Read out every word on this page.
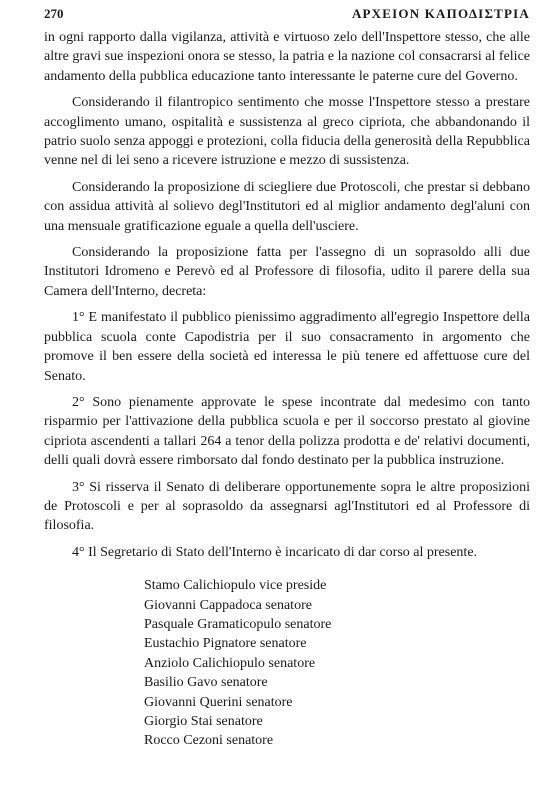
270	ΑΡΧΕΙΟΝ ΚΑΠΟΔΙΣΤΡΙΑ

in ogni rapporto dalla vigilanza, attività e virtuoso zelo dell'Inspettore stesso, che alle altre gravi sue inspezioni onora se stesso, la patria e la nazione col consacrarsi al felice andamento della pubblica educazione tanto interessante le paterne cure del Governo.

Considerando il filantropico sentimento che mosse l'Inspettore stesso a prestare accoglimento umano, ospitalità e sussistenza al greco cipriota, che abbandonando il patrio suolo senza appoggi e protezioni, colla fiducia della generosità della Repubblica venne nel di lei seno a ricevere istruzione e mezzo di sussistenza.

Considerando la proposizione di sciegliere due Protoscoli, che prestar si debbano con assidua attività al solievo degl'Institutori ed al miglior andamento degl'aluni con una mensuale gratificazione eguale a quella dell'usciere.

Considerando la proposizione fatta per l'assegno di un soprasoldo alli due Institutori Idromeno e Perevò ed al Professore di filosofia, udito il parere della sua Camera dell'Interno, decreta:

1° E manifestato il pubblico pienissimo aggradimento all'egregio Inspettore della pubblica scuola conte Capodistria per il suo consacramento in argomento che promove il ben essere della società ed interessa le più tenere ed affettuose cure del Senato.

2° Sono pienamente approvate le spese incontrate dal medesimo con tanto risparmio per l'attivazione della pubblica scuola e per il soccorso prestato al giovine cipriota ascendenti a tallari 264 a tenor della polizza prodotta e de' relativi documenti, delli quali dovrà essere rimborsato dal fondo destinato per la pubblica instruzione.

3° Si risserva il Senato di deliberare opportunemente sopra le altre proposizioni de Protoscoli e per al soprasoldo da assegnarsi agl'Institutori ed al Professore di filosofia.

4° Il Segretario di Stato dell'Interno è incaricato di dar corso al presente.

Stamo Calichiopulo vice preside
Giovanni Cappadoca senatore
Pasquale Gramaticopulo senatore
Eustachio Pignatore senatore
Anziolo Calichiopulo senatore
Basilio Gavo senatore
Giovanni Querini senatore
Giorgio Stai senatore
Rocco Cezoni senatore
